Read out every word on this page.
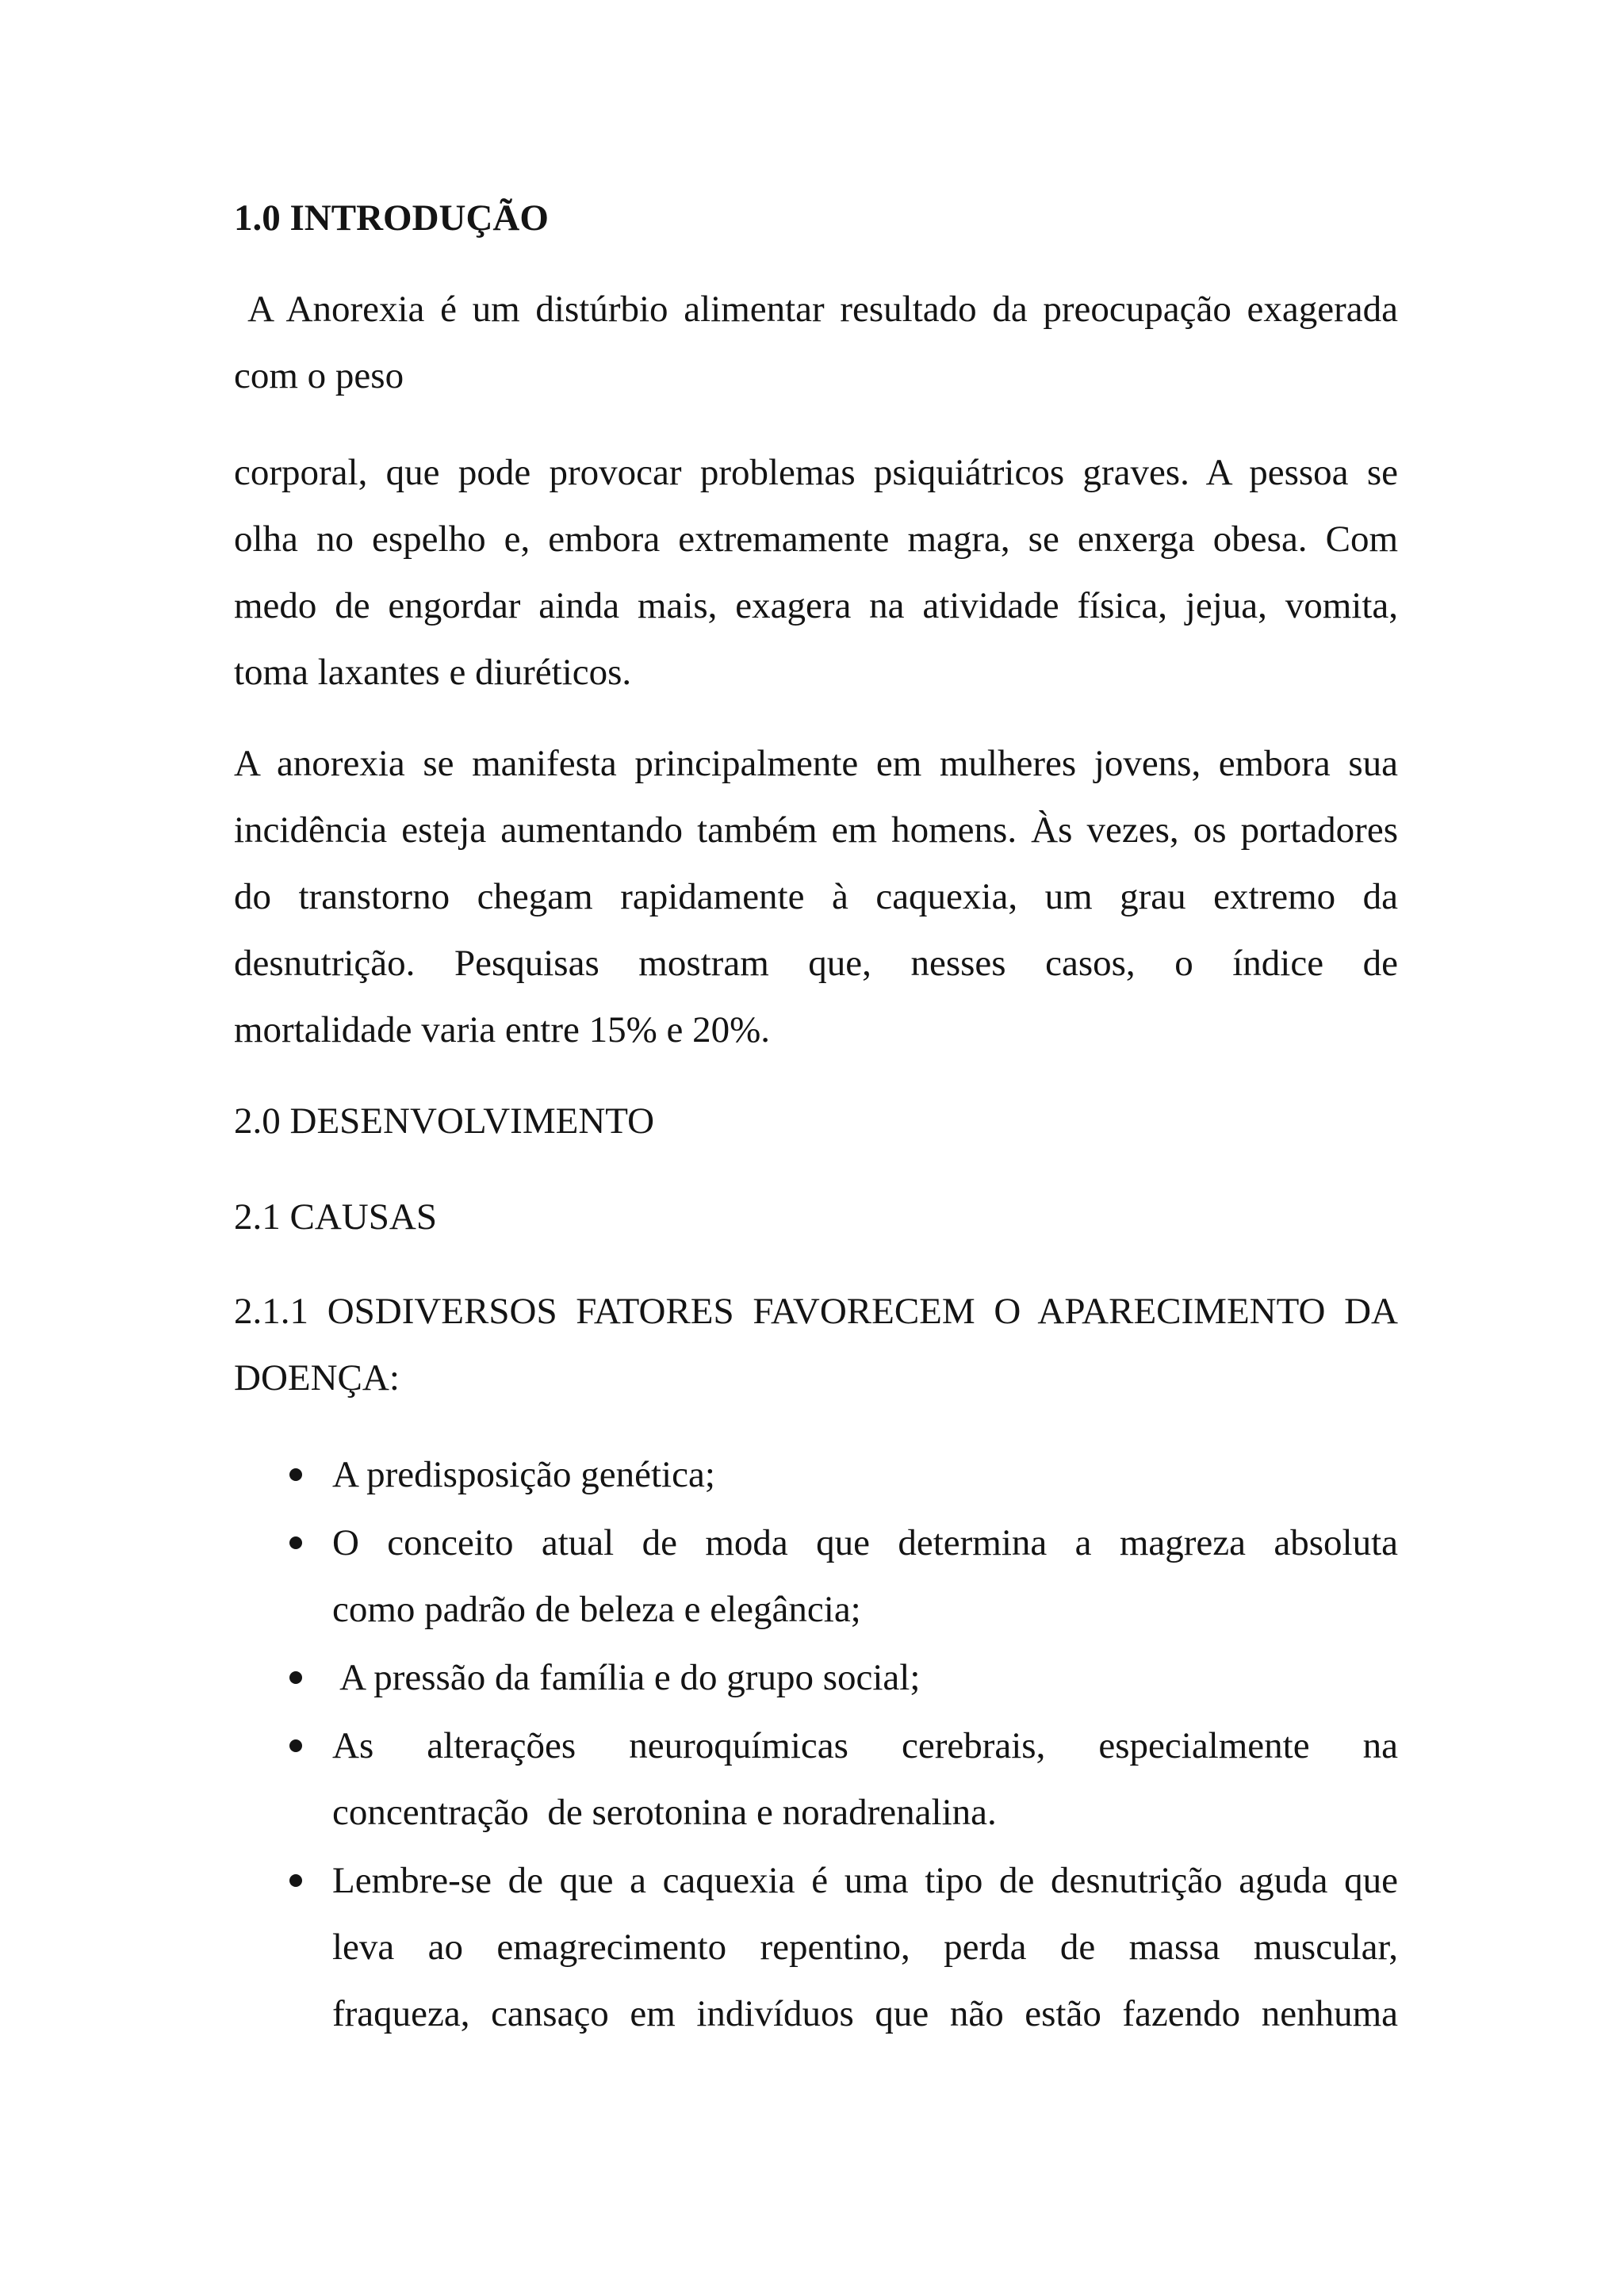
1.0 INTRODUÇÃO
A Anorexia é um distúrbio alimentar resultado da preocupação exagerada
com o peso
corporal, que pode provocar problemas psiquiátricos graves. A pessoa se
olha no espelho e, embora extremamente magra, se enxerga obesa. Com
medo de engordar ainda mais, exagera na atividade física, jejua, vomita,
toma laxantes e diuréticos.
A anorexia se manifesta principalmente em mulheres jovens, embora sua
incidência esteja aumentando também em homens. Às vezes, os portadores
do transtorno chegam rapidamente à caquexia, um grau extremo da
desnutrição. Pesquisas mostram que, nesses casos, o índice de
mortalidade varia entre 15% e 20%.
2.0 DESENVOLVIMENTO
2.1 CAUSAS
2.1.1 OSDIVERSOS FATORES FAVORECEM O APARECIMENTO DA
DOENÇA:
A predisposição genética;
O conceito atual de moda que determina a magreza absoluta
como padrão de beleza e elegância;
A pressão da família e do grupo social;
As alterações neuroquímicas cerebrais, especialmente na
concentração  de serotonina e noradrenalina.
Lembre-se de que a caquexia é uma tipo de desnutrição aguda que
leva ao emagrecimento repentino, perda de massa muscular,
fraqueza, cansaço em indivíduos que não estão fazendo nenhuma
